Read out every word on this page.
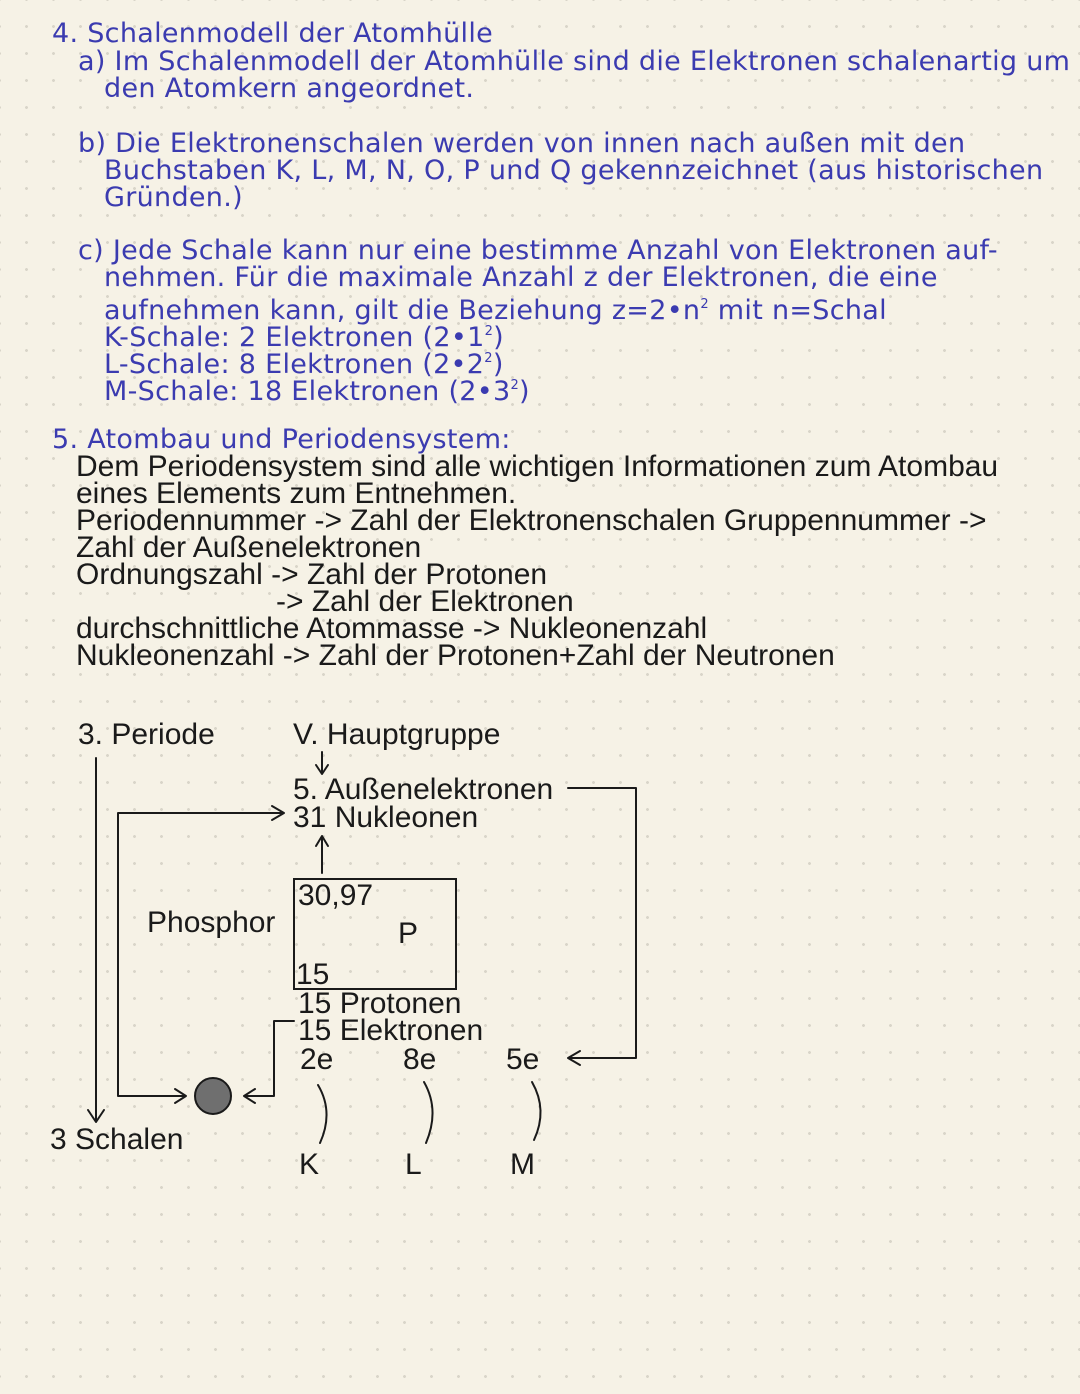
4. Schalenmodell der Atomhülle

a) Im Schalenmodell der Atomhülle sind die Elektronen schalenartig um

den Atomkern angeordnet.

b) Die Elektronenschalen werden von innen nach außen mit den

Buchstaben K, L, M, N, O, P und Q gekennzeichnet (aus historischen

Gründen.)

c) Jede Schale kann nur eine bestimme Anzahl von Elektronen auf-

nehmen. Für die maximale Anzahl z der Elektronen, die eine

aufnehmen kann, gilt die Beziehung $z=2•n^2$ mit n=Schal

K-Schale: 2 Elektronen $(2•1^2)$

L-Schale: 8 Elektronen $(2•2^2)$

M-Schale: 18 Elektronen $(2•3^2)$

5. Atombau und Periodensystem:

Dem Periodensystem sind alle wichtigen Informationen zum Atombau

eines Elements zum Entnehmen.

Periodennummer -> Zahl der Elektronenschalen Gruppennummer ->

Zahl der Außenelektronen

Ordnungszahl -> Zahl der Protonen

-> Zahl der Elektronen

durchschnittliche Atommasse -> Nukleonenzahl

Nukleonenzahl -> Zahl der Protonen+Zahl der Neutronen

3. Periode	V. Hauptgruppe

5. Außenelektronen

31 Nukleonen

Phosphor

30,97

P

15

15 Protonen

15 Elektronen

2e 8e 5e

K	L	M

3 Schalen
